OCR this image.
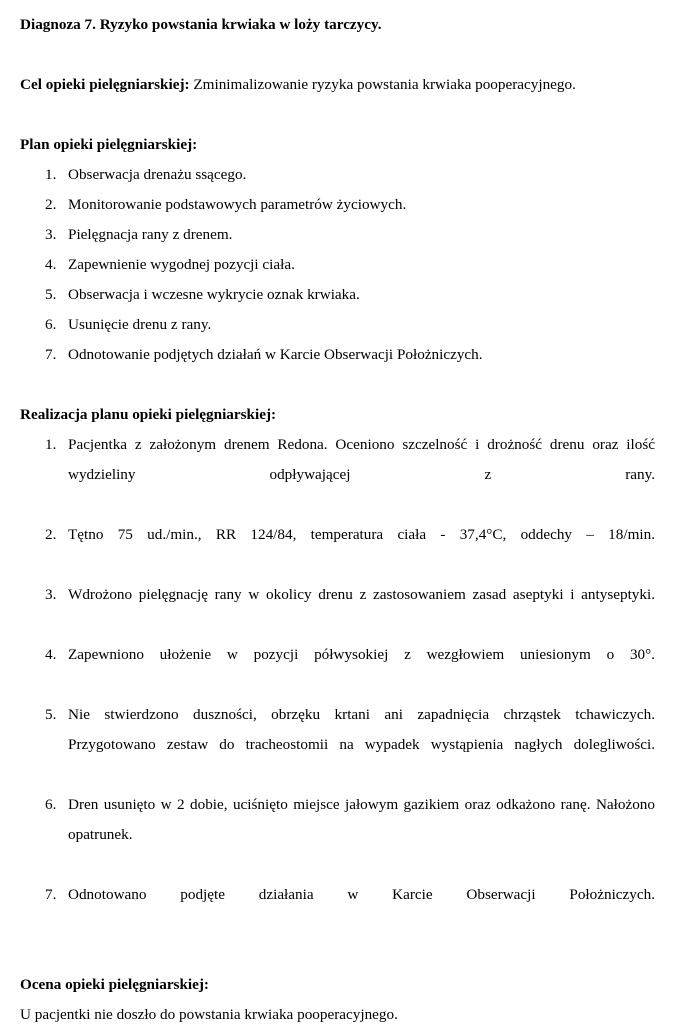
Diagnoza 7. Ryzyko powstania krwiaka w loży tarczycy.

Cel opieki pielęgniarskiej: Zminimalizowanie ryzyka powstania krwiaka pooperacyjnego.

Plan opieki pielęgniarskiej:

Obserwacja drenażu ssącego.
Monitorowanie podstawowych parametrów życiowych.
Pielęgnacja rany z drenem.
Zapewnienie wygodnej pozycji ciała.
Obserwacja i wczesne wykrycie oznak krwiaka.
Usunięcie drenu z rany.
Odnotowanie podjętych działań w Karcie Obserwacji Położniczych.

Realizacja planu opieki pielęgniarskiej:

Pacjentka z założonym drenem Redona. Oceniono szczelność i drożność drenu oraz ilość wydzieliny odpływającej z rany.
Tętno 75 ud./min., RR 124/84, temperatura ciała - 37,4°C, oddechy – 18/min.
Wdrożono pielęgnację rany w okolicy drenu z zastosowaniem zasad aseptyki i antyseptyki.
Zapewniono ułożenie w pozycji półwysokiej z wezgłowiem uniesionym o 30°.
Nie stwierdzono duszności, obrzęku krtani ani zapadnięcia chrząstek tchawiczych. Przygotowano zestaw do tracheostomii na wypadek wystąpienia nagłych dolegliwości.
Dren usunięto w 2 dobie, uciśnięto miejsce jałowym gazikiem oraz odkażono ranę. Nałożono opatrunek.
Odnotowano podjęte działania w Karcie Obserwacji Położniczych.

Ocena opieki pielęgniarskiej:

U pacjentki nie doszło do powstania krwiaka pooperacyjnego.
